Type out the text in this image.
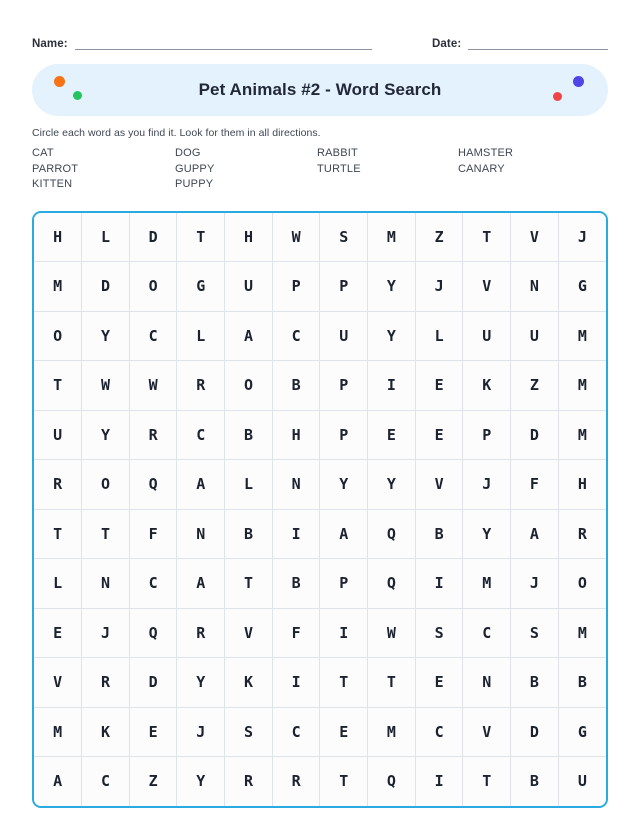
Name:	Date:
Pet Animals #2 - Word Search
Circle each word as you find it. Look for them in all directions.
CAT	DOG	RABBIT	HAMSTER
PARROT	GUPPY	TURTLE	CANARY
KITTEN	PUPPY
H	L	D	T	H	W	S	M	Z	T	V	J
M	D	O	G	U	P	P	Y	J	V	N	G
O	Y	C	L	A	C	U	Y	L	U	U	M
T	W	W	R	O	B	P	I	E	K	Z	M
U	Y	R	C	B	H	P	E	E	P	D	M
R	O	Q	A	L	N	Y	Y	V	J	F	H
T	T	F	N	B	I	A	Q	B	Y	A	R
L	N	C	A	T	B	P	Q	I	M	J	O
E	J	Q	R	V	F	I	W	S	C	S	M
V	R	D	Y	K	I	T	T	E	N	B	B
M	K	E	J	S	C	E	M	C	V	D	G
A	C	Z	Y	R	R	T	Q	I	T	B	U
